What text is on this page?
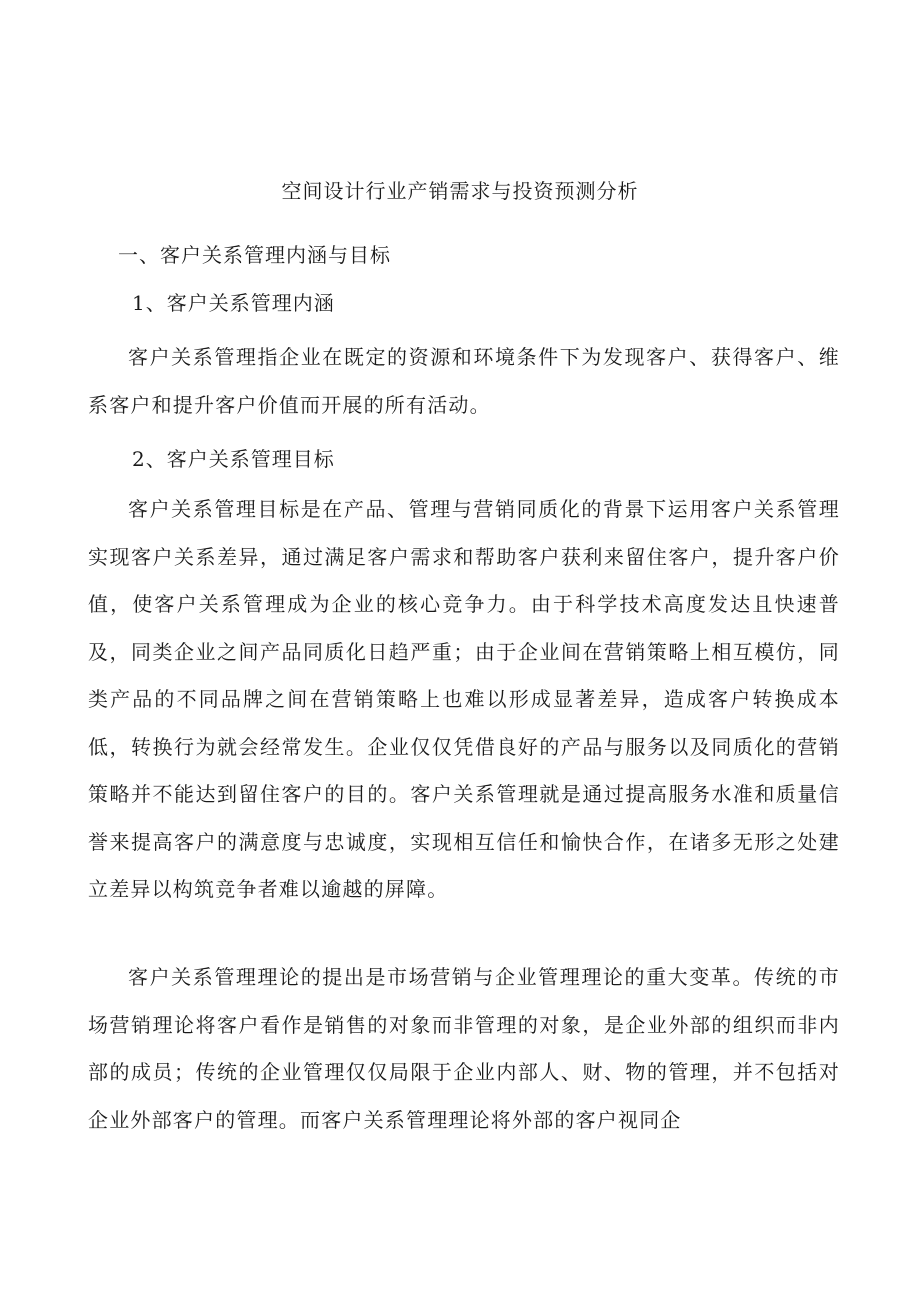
空间设计行业产销需求与投资预测分析
一、客户关系管理内涵与目标
1、客户关系管理内涵

客户关系管理指企业在既定的资源和环境条件下为发现客户、获得客户、维系客户和提升客户价值而开展的所有活动。

2、客户关系管理目标

客户关系管理目标是在产品、管理与营销同质化的背景下运用客户关系管理实现客户关系差异，通过满足客户需求和帮助客户获利来留住客户，提升客户价值，使客户关系管理成为企业的核心竞争力。由于科学技术高度发达且快速普及，同类企业之间产品同质化日趋严重；由于企业间在营销策略上相互模仿，同类产品的不同品牌之间在营销策略上也难以形成显著差异，造成客户转换成本低，转换行为就会经常发生。企业仅仅凭借良好的产品与服务以及同质化的营销策略并不能达到留住客户的目的。客户关系管理就是通过提高服务水准和质量信誉来提高客户的满意度与忠诚度，实现相互信任和愉快合作，在诸多无形之处建立差异以构筑竞争者难以逾越的屏障。

客户关系管理理论的提出是市场营销与企业管理理论的重大变革。传统的市场营销理论将客户看作是销售的对象而非管理的对象，是企业外部的组织而非内部的成员；传统的企业管理仅仅局限于企业内部人、财、物的管理，并不包括对企业外部客户的管理。而客户关系管理理论将外部的客户视同企
